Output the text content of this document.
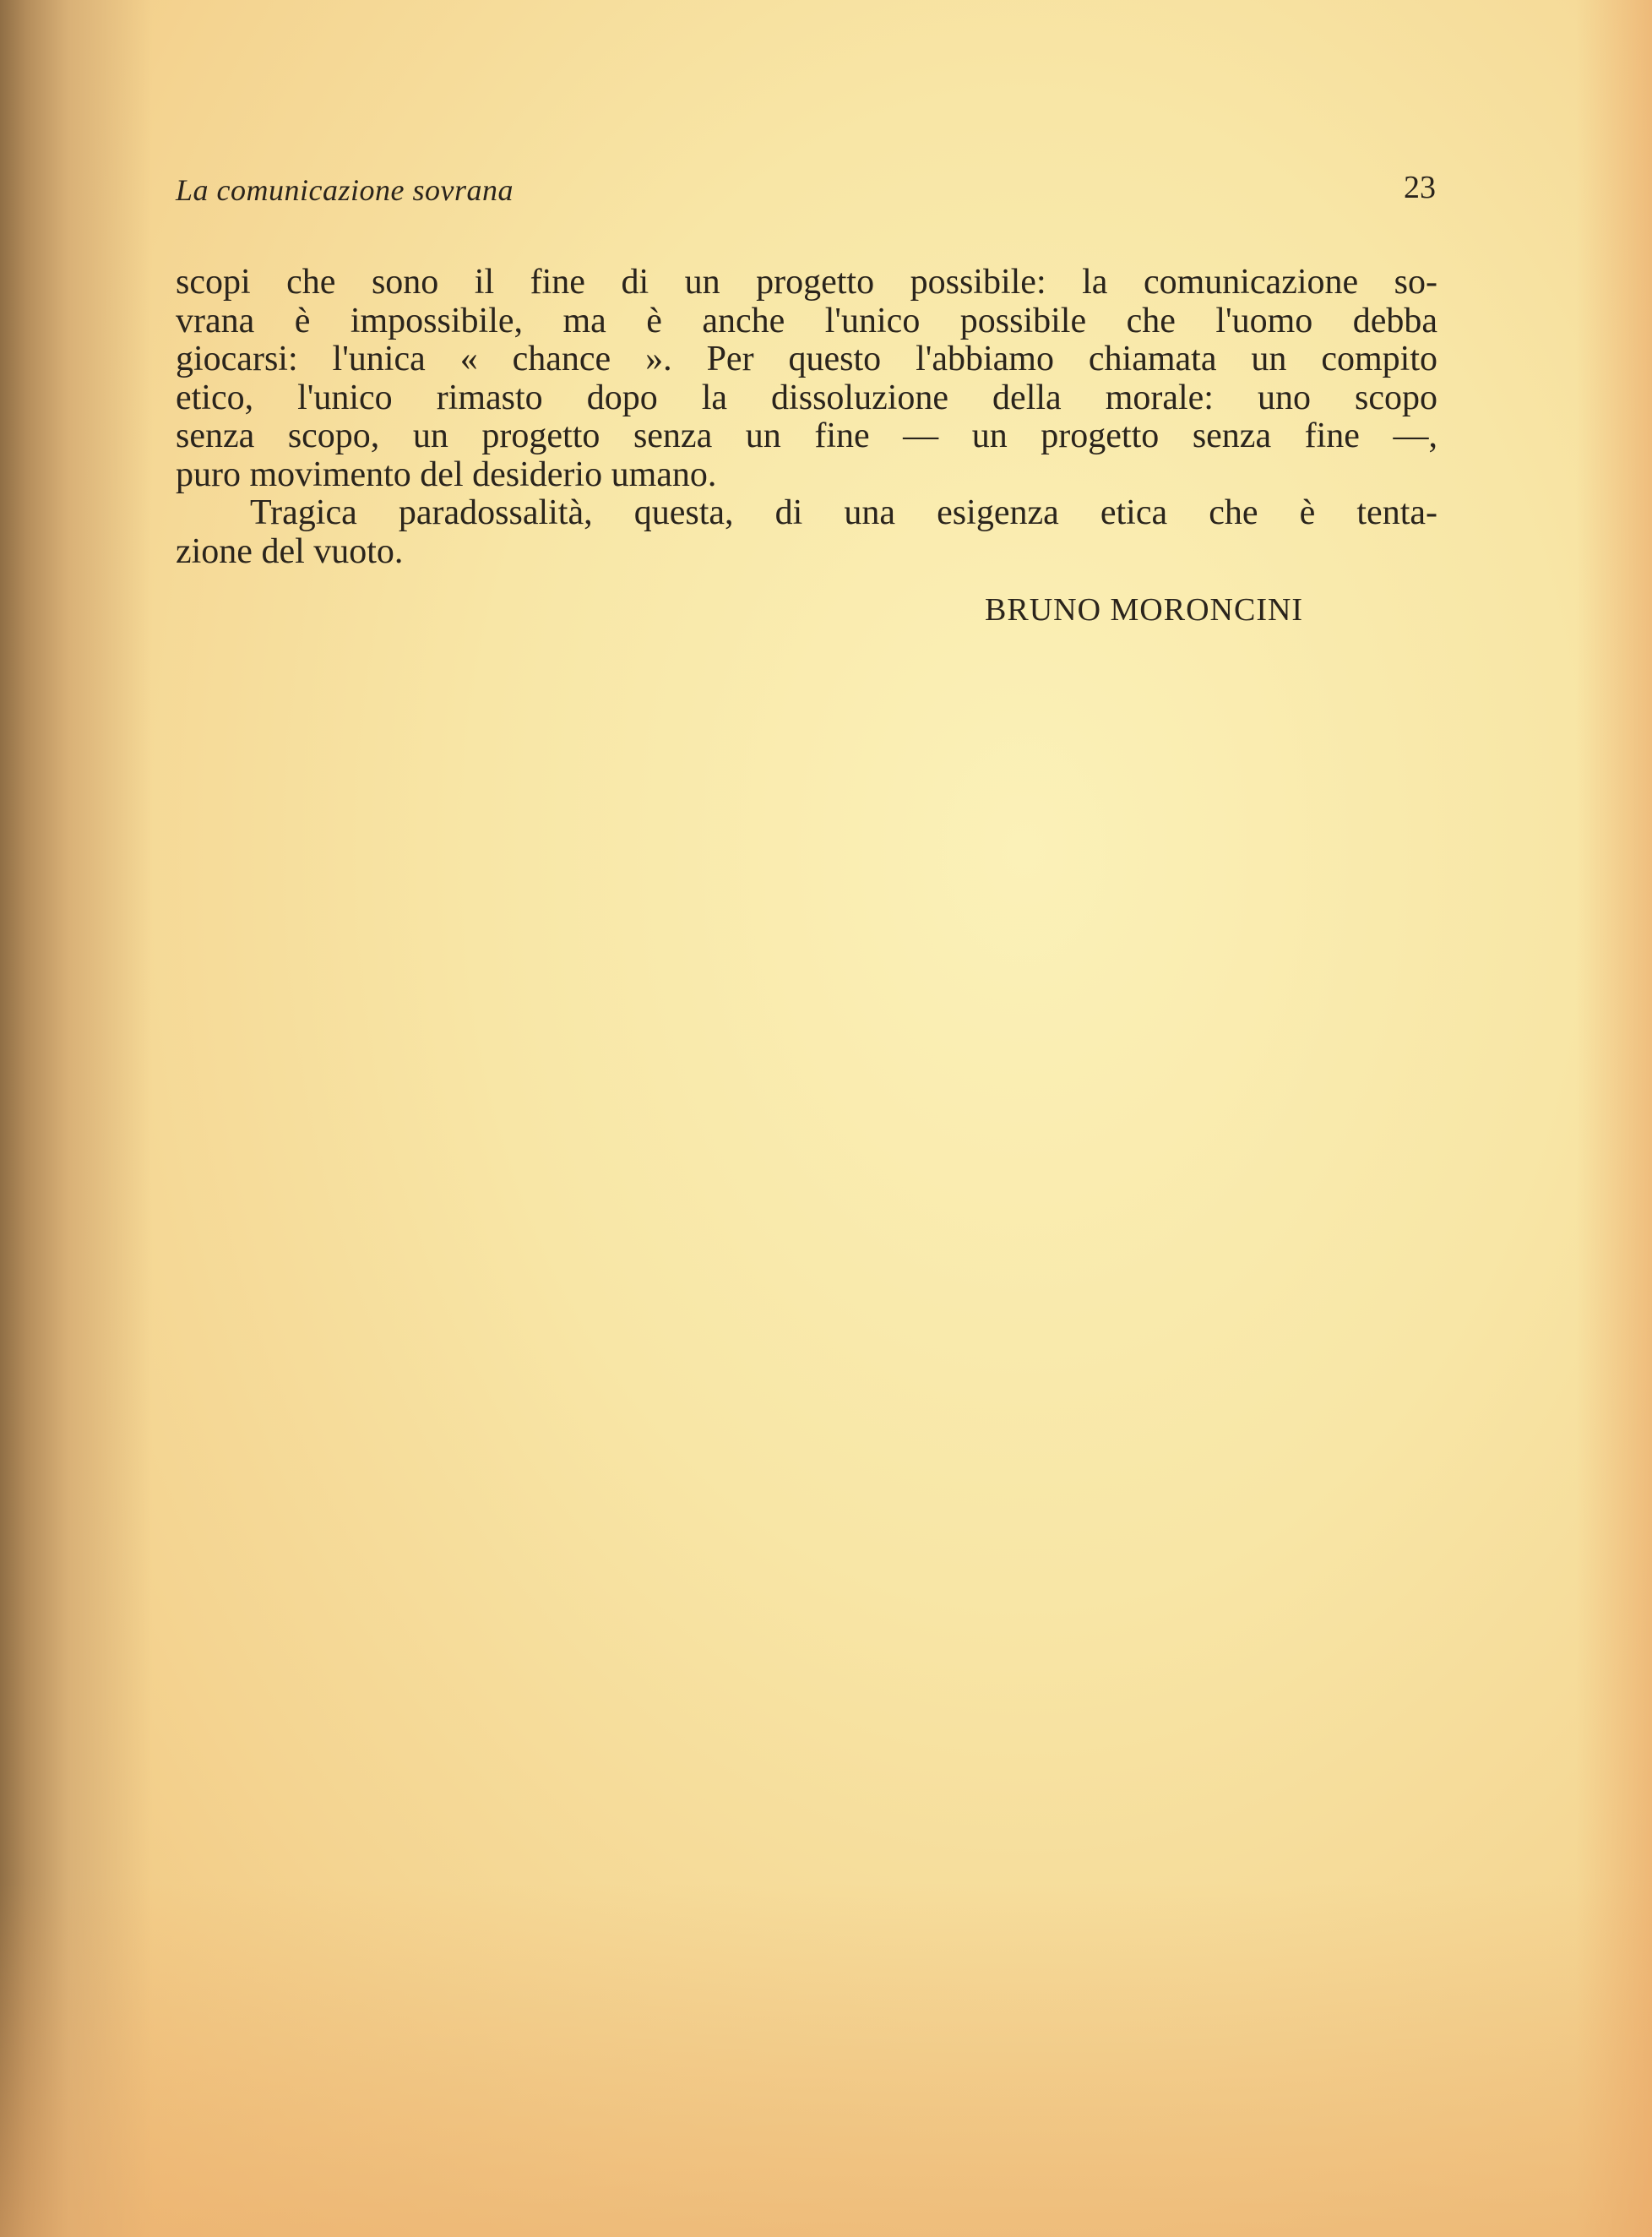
La comunicazione sovrana	23
scopi che sono il fine di un progetto possibile: la comunicazione so-
vrana è impossibile, ma è anche l'unico possibile che l'uomo debba
giocarsi: l'unica « chance ». Per questo l'abbiamo chiamata un compito
etico, l'unico rimasto dopo la dissoluzione della morale: uno scopo
senza scopo, un progetto senza un fine — un progetto senza fine —,
puro movimento del desiderio umano.
Tragica paradossalità, questa, di una esigenza etica che è tenta-
zione del vuoto.
BRUNO MORONCINI
